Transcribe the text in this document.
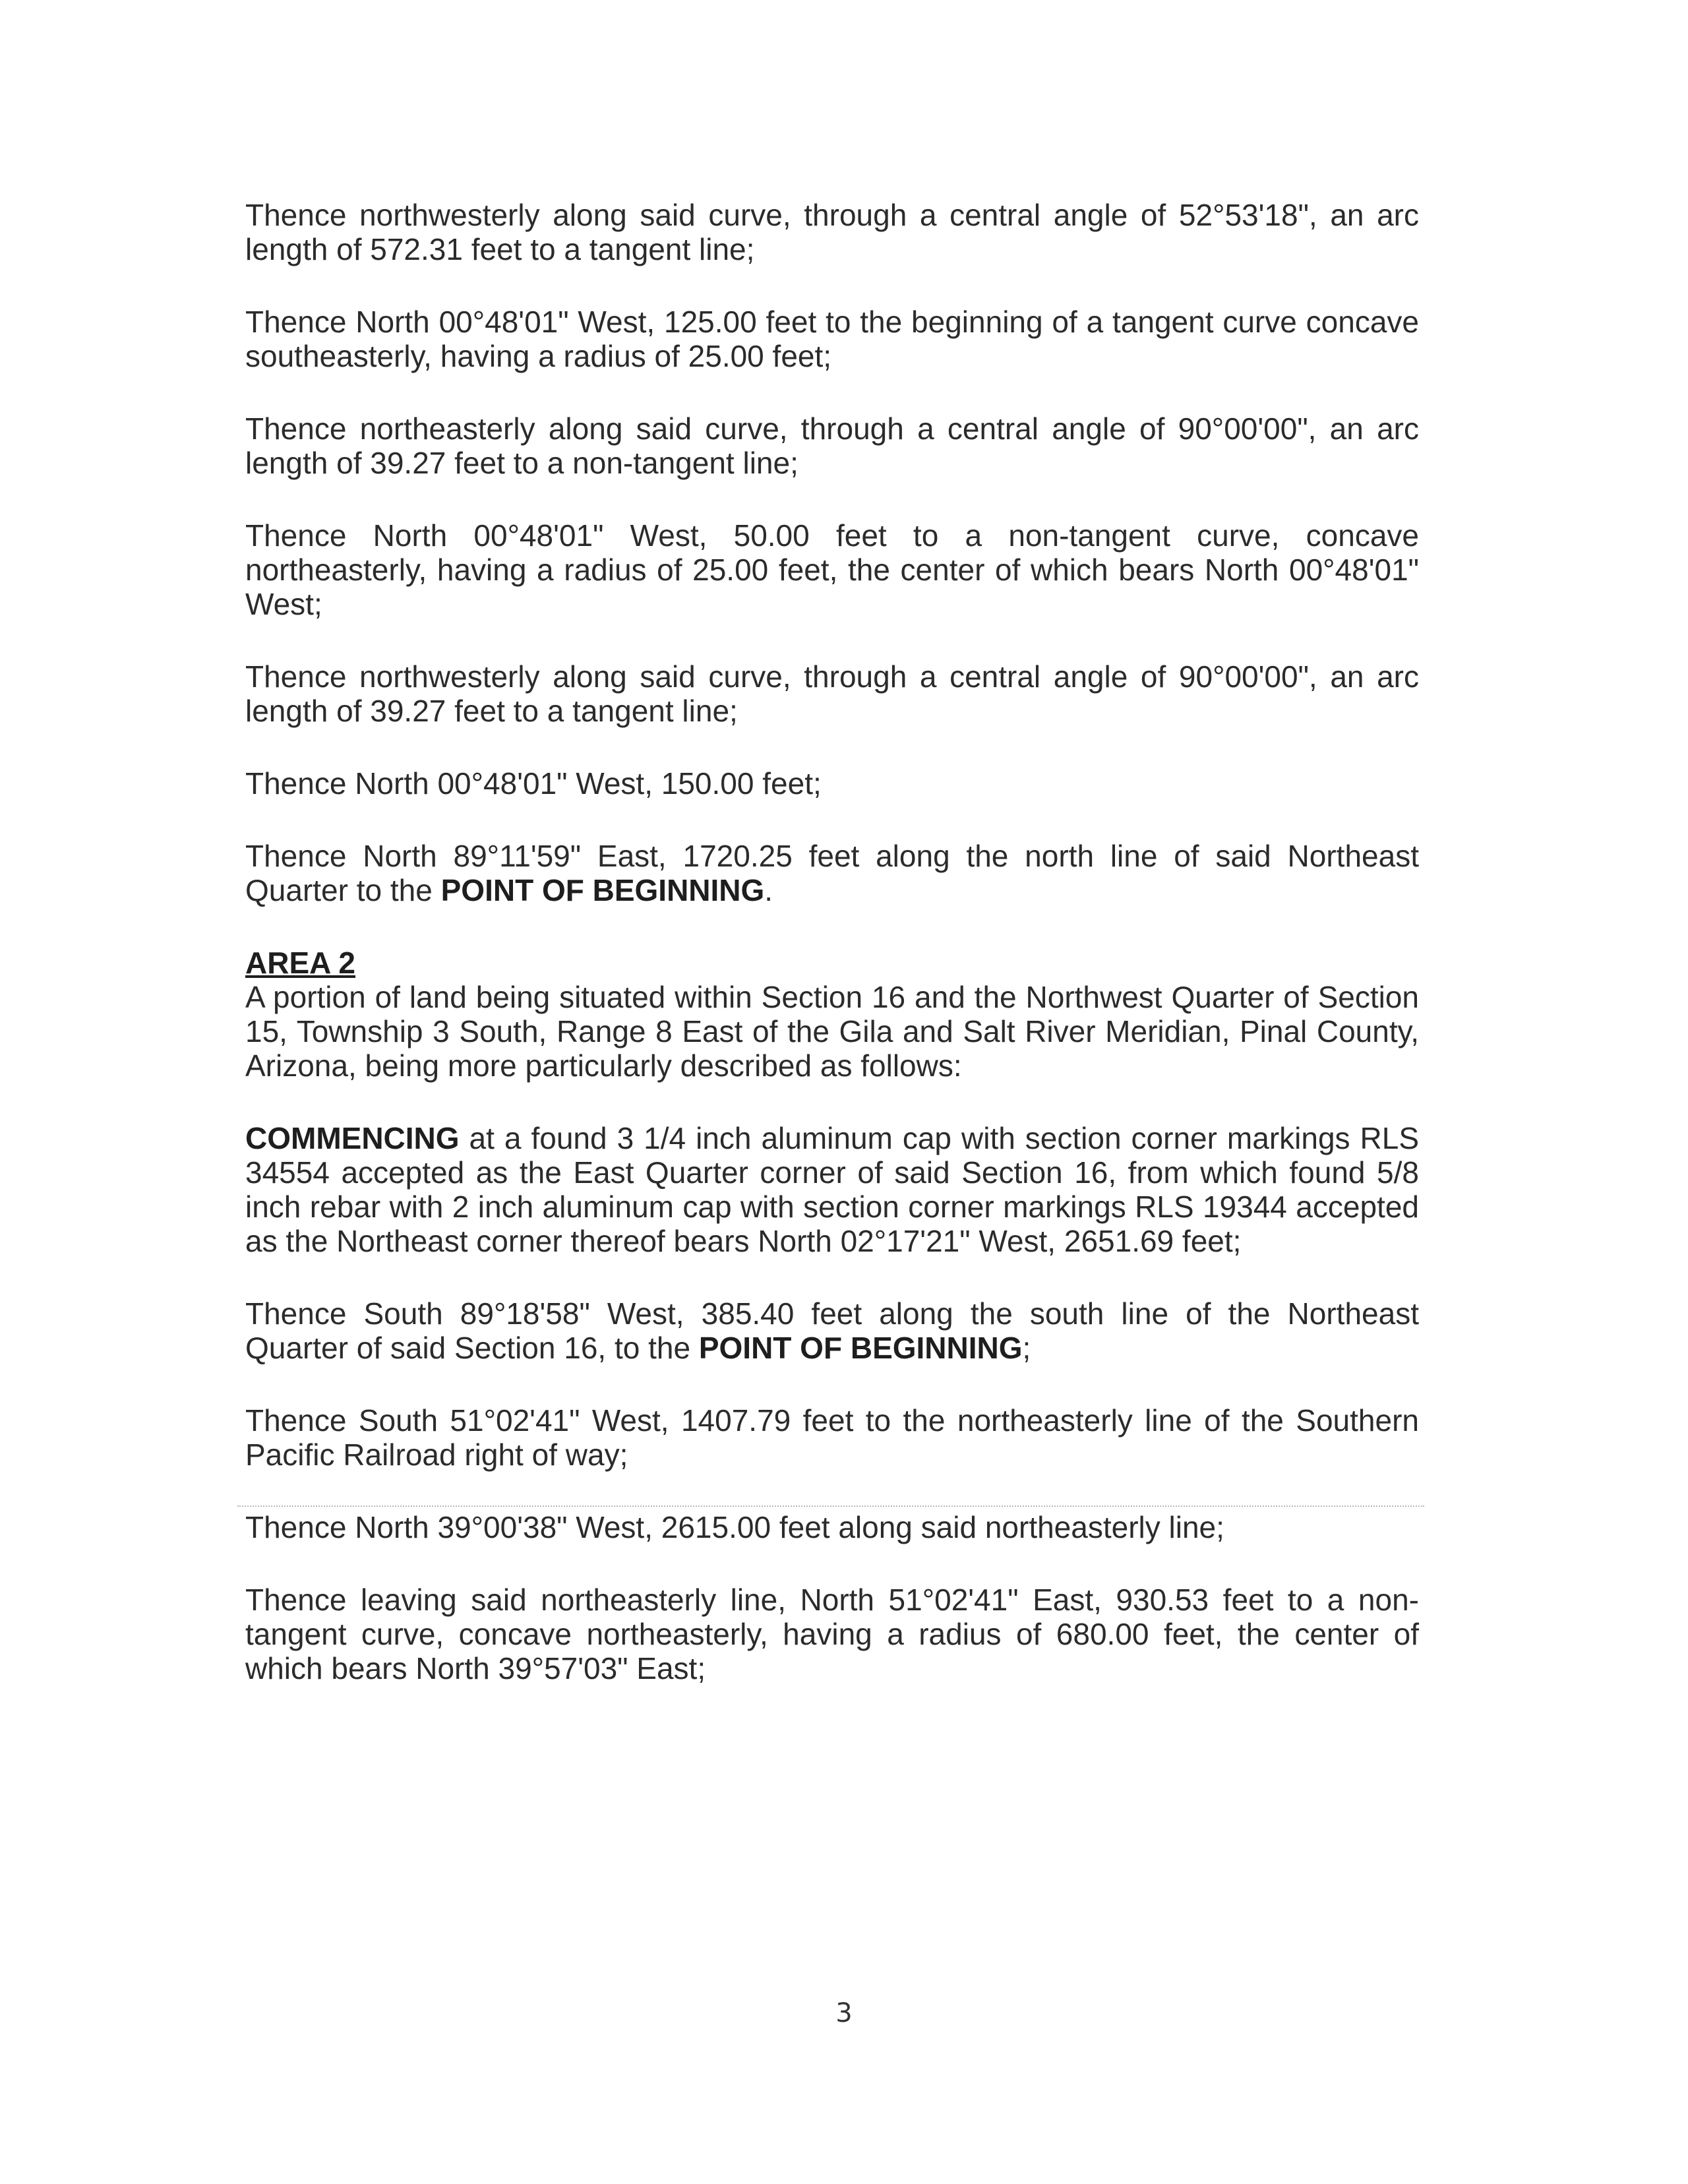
Thence northwesterly along said curve, through a central angle of 52°53'18", an arc length of 572.31 feet to a tangent line;

Thence North 00°48'01" West, 125.00 feet to the beginning of a tangent curve concave southeasterly, having a radius of 25.00 feet;

Thence northeasterly along said curve, through a central angle of 90°00'00", an arc length of 39.27 feet to a non-tangent line;

Thence North 00°48'01" West, 50.00 feet to a non-tangent curve, concave northeasterly, having a radius of 25.00 feet, the center of which bears North 00°48'01" West;

Thence northwesterly along said curve, through a central angle of 90°00'00", an arc length of 39.27 feet to a tangent line;

Thence North 00°48'01" West, 150.00 feet;

Thence North 89°11'59" East, 1720.25 feet along the north line of said Northeast Quarter to the POINT OF BEGINNING.

AREA 2

A portion of land being situated within Section 16 and the Northwest Quarter of Section 15, Township 3 South, Range 8 East of the Gila and Salt River Meridian, Pinal County, Arizona, being more particularly described as follows:

COMMENCING at a found 3 1/4 inch aluminum cap with section corner markings RLS 34554 accepted as the East Quarter corner of said Section 16, from which found 5/8 inch rebar with 2 inch aluminum cap with section corner markings RLS 19344 accepted as the Northeast corner thereof bears North 02°17'21" West, 2651.69 feet;

Thence South 89°18'58" West, 385.40 feet along the south line of the Northeast Quarter of said Section 16, to the POINT OF BEGINNING;

Thence South 51°02'41" West, 1407.79 feet to the northeasterly line of the Southern Pacific Railroad right of way;

Thence North 39°00'38" West, 2615.00 feet along said northeasterly line;

Thence leaving said northeasterly line, North 51°02'41" East, 930.53 feet to a non-tangent curve, concave northeasterly, having a radius of 680.00 feet, the center of which bears North 39°57'03" East;

3
